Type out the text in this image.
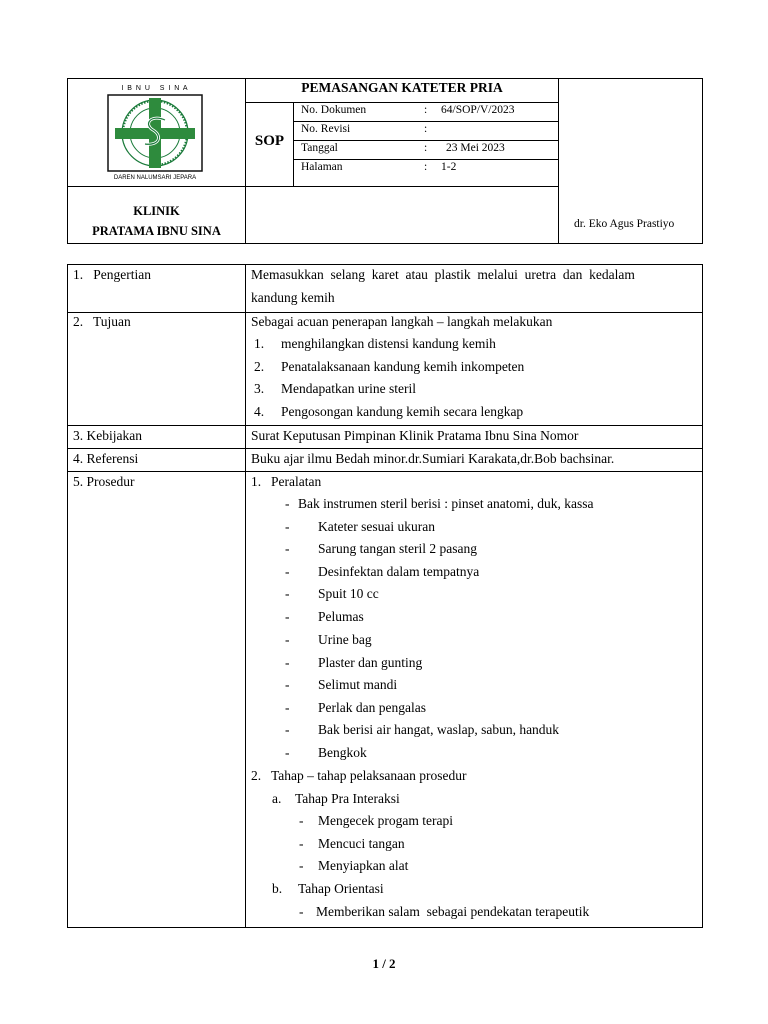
I B N U   S I N A
DAREN NALUMSARI JEPARA
PEMASANGAN KATETER PRIA
SOP
No. Dokumen	: 64/SOP/V/2023
No. Revisi	:
Tanggal	: 23 Mei 2023
Halaman	: 1-2
KLINIK
PRATAMA IBNU SINA	dr. Eko Agus Prastiyo
1.   Pengertian	Memasukkan  selang  karet  atau  plastik  melalui  uretra  dan  kedalam
kandung kemih
2.   Tujuan	Sebagai acuan penerapan langkah – langkah melakukan
1. menghilangkan distensi kandung kemih
2. Penatalaksanaan kandung kemih inkompeten
3. Mendapatkan urine steril
4. Pengosongan kandung kemih secara lengkap
3. Kebijakan	Surat Keputusan Pimpinan Klinik Pratama Ibnu Sina Nomor
4. Referensi	Buku ajar ilmu Bedah minor.dr.Sumiari Karakata,dr.Bob bachsinar.
5. Prosedur	1. Peralatan
- Bak instrumen steril berisi : pinset anatomi, duk, kassa
- Kateter sesuai ukuran
- Sarung tangan steril 2 pasang
- Desinfektan dalam tempatnya
- Spuit 10 cc
- Pelumas
- Urine bag
- Plaster dan gunting
- Selimut mandi
- Perlak dan pengalas
- Bak berisi air hangat, waslap, sabun, handuk
- Bengkok
2. Tahap – tahap pelaksanaan prosedur
a. Tahap Pra Interaksi
- Mengecek progam terapi
- Mencuci tangan
- Menyiapkan alat
b. Tahap Orientasi
- Memberikan salam  sebagai pendekatan terapeutik
1 / 2
